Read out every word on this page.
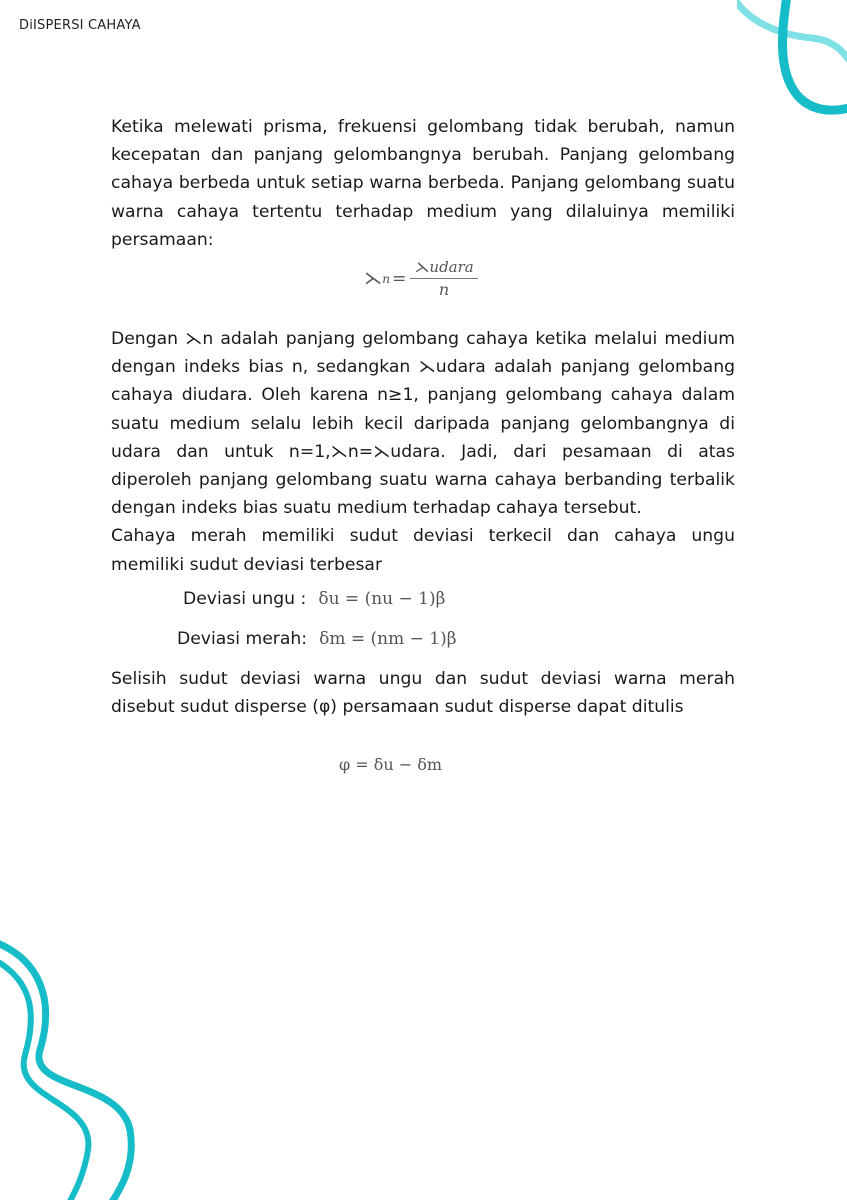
DiISPERSI CAHAYA

Ketika melewati prisma, frekuensi gelombang tidak berubah, namun kecepatan dan panjang gelombangnya berubah. Panjang gelombang cahaya berbeda untuk setiap warna berbeda. Panjang gelombang suatu warna cahaya tertentu terhadap medium yang dilaluinya memiliki persamaan:

⋋ $n = \frac{\text{⋋udara}}{n}$

Dengan ⋋n adalah panjang gelombang cahaya ketika melalui medium dengan indeks bias n, sedangkan ⋋udara adalah panjang gelombang cahaya diudara. Oleh karena n≥1, panjang gelombang cahaya dalam suatu medium selalu lebih kecil daripada panjang gelombangnya di udara dan untuk n=1,⋋n=⋋udara. Jadi, dari pesamaan di atas diperoleh panjang gelombang suatu warna cahaya berbanding terbalik dengan indeks bias suatu medium terhadap cahaya tersebut.

Cahaya merah memiliki sudut deviasi terkecil dan cahaya ungu memiliki sudut deviasi terbesar

Deviasi ungu : δu = (nu − 1)β
Deviasi merah: δm = (nm − 1)β

Selisih sudut deviasi warna ungu dan sudut deviasi warna merah disebut sudut disperse (φ) persamaan sudut disperse dapat ditulis

φ = δu − δm
